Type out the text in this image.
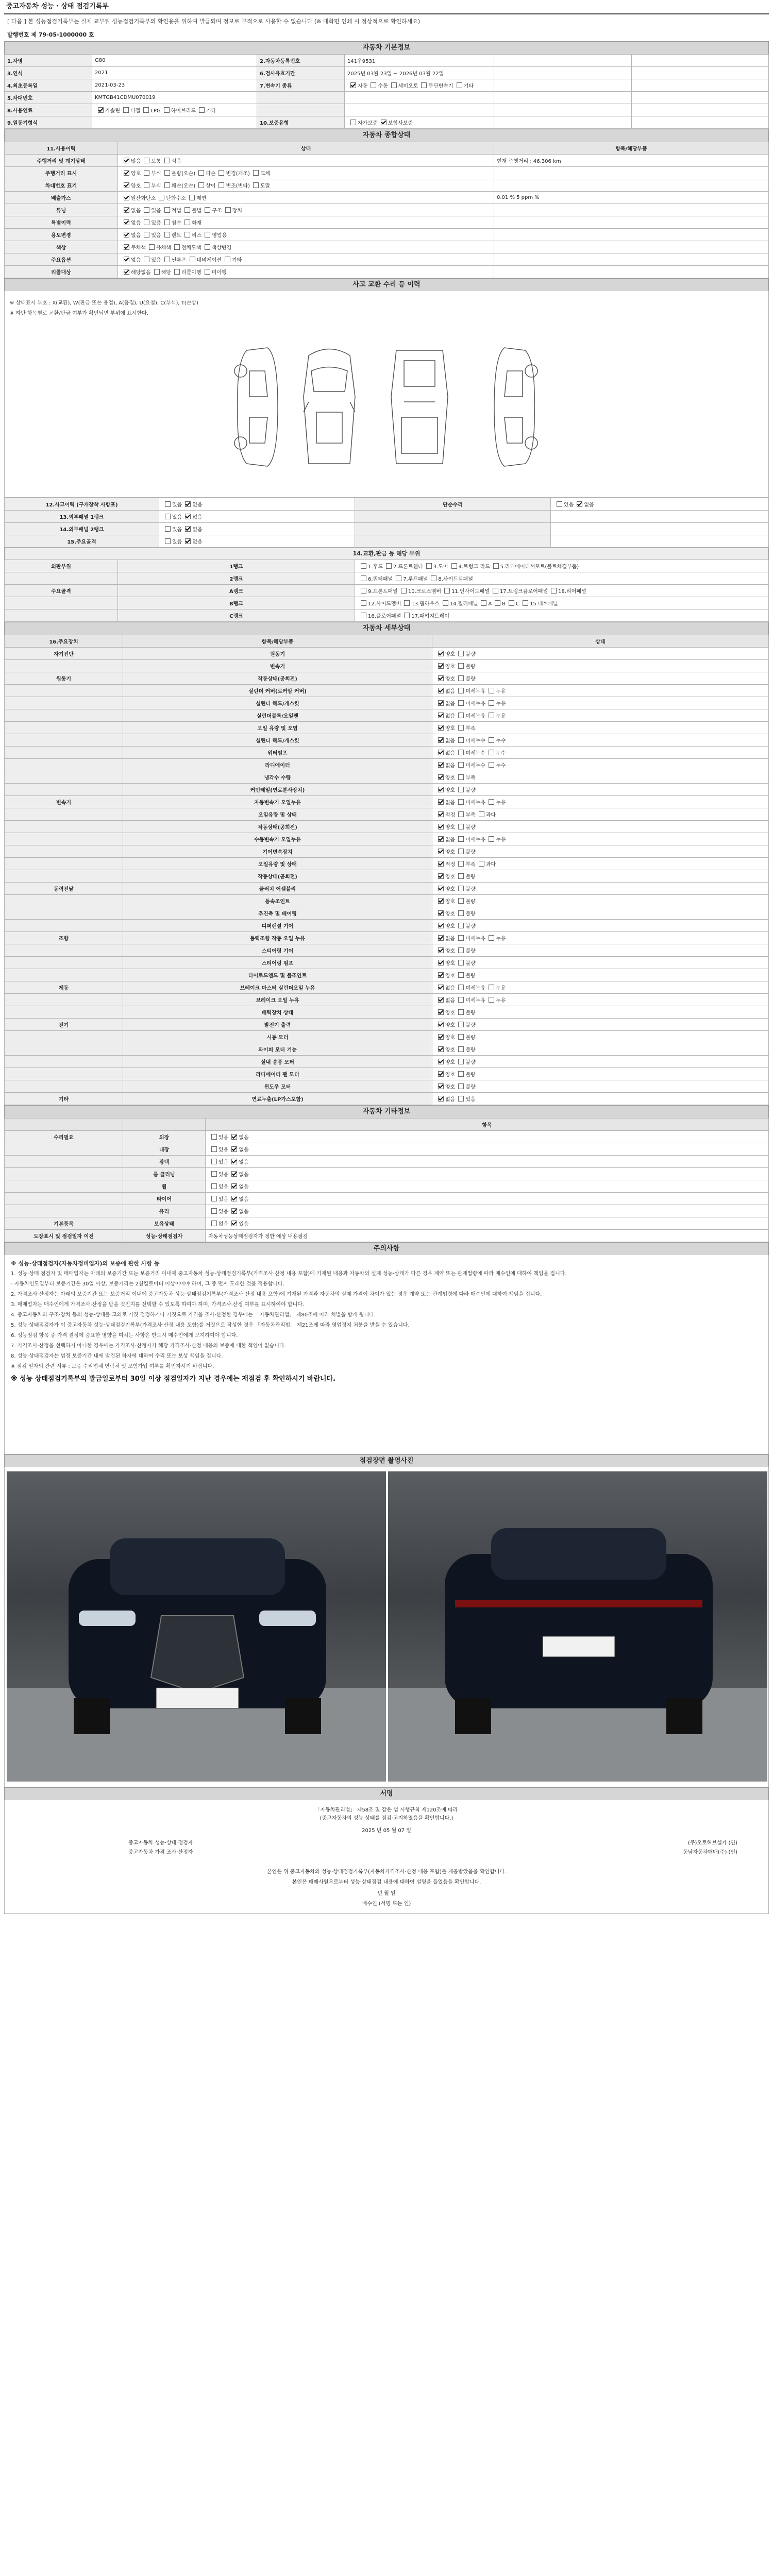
중고자동차 성능 · 상태 점검기록부
[ 다음 ] 본 성능점검기록부는 실제 교부된 성능점검기록부의 확인용을 위하여 발급되며 정보로 부적으로 사용할 수 없습니다 (※ 대화면 인쇄 시 정상적으로 확인하세요)
발행번호 제 79-05-1000000 호
자동차 기본정보
1.차명	G80	2.자동차등록번호	141우9531		
3.연식	2021	6.검사유효기간	2025년 03월 23일 ~ 2026년 03월 22일		
4.최초등록일	2021-03-23	7.변속기 종류	자동 수동 세미오토 무단변속기 기타		
5.차대번호	KMTGB41CDMU070019				
8.사용연료	가솔린 디젤 LPG 하이브리드 기타				
9.원동기형식		10.보증유형	자가보증 보험사보증		
자동차 종합상태
11.사용이력	상태	항목/해당부품
주행거리 및 계기상태	많음 보통 적음	현재 주행거리 : 46,306 km
주행거리 표시	양호 부식 불량(오손) 파손 변경(개조) 교체	
차대번호 표기	양호 부식 훼손(오손) 상이 변조(변타) 도말	
배출가스	일산화탄소 탄화수소 매연	0.01 % 5 ppm %
튜닝	없음 있음 적법 불법 구조 장치	
특별이력	없음 있음 침수 화재	
용도변경	없음 있음 렌트 리스 영업용	
색상	무채색 유채색 전체도색 색상변경	
주요옵션	없음 있음 썬루프 네비게이션 기타	
리콜대상	해당없음 해당 리콜이행 미이행	
사고 교환 수리 등 이력
※ 상태표시 부호 : X(교환), W(판금 또는 용접), A(흠집), U(요철), C(부식), T(손상)
※ 하단 항목별로 교환/판금 여부가 확인되면 부위에 표시한다.
12.사고이력 (구개장착 사항포)	있음 없음	단순수리	있음 없음
13.외부패널 1랭크	있음 없음		
14.외부패널 2랭크	있음 없음		
15.주요골격	있음 없음		
14.교환,판금 등 해당 부위
외판부위	1랭크	1.후드 2.프론트휀더 3.도어 4.트렁크 리드 5.라디에이터서포트(볼트체결부품)
	2랭크	6.쿼터패널 7.루프패널 8.사이드실패널
주요골격	A랭크	9.프론트패널 10.크로스멤버 11.인사이드패널 17.트렁크플로어패널 18.리어패널
	B랭크	12.사이드멤버 13.휠하우스 14.필러패널 A B C 15.대쉬패널
	C랭크	16.플로어패널 17.패키지트레이
자동차 세부상태
16.주요장치	항목/해당부품	상태
자기진단	원동기	양호 불량
	변속기	양호 불량
원동기	작동상태(공회전)	양호 불량
	실린더 커버(로커암 커버)	없음 미세누유 누유
	실린더 헤드/개스킷	없음 미세누유 누유
	실린더블록/오일팬	없음 미세누유 누유
	오일 유량 및 오염	양호 부족
	실린더 헤드/개스킷	없음 미세누수 누수
	워터펌프	없음 미세누수 누수
	라디에이터	없음 미세누수 누수
	냉각수 수량	양호 부족
	커먼레일(연료분사장치)	양호 불량
변속기	자동변속기 오일누유	없음 미세누유 누유
	오일유량 및 상태	적정 부족 과다
	작동상태(공회전)	양호 불량
	수동변속기 오일누유	없음 미세누유 누유
	기어변속장치	양호 불량
	오일유량 및 상태	적정 부족 과다
	작동상태(공회전)	양호 불량
동력전달	클러치 어셈블리	양호 불량
	등속조인트	양호 불량
	추진축 및 베어링	양호 불량
	디퍼렌셜 기어	양호 불량
조향	동력조향 작동 오일 누유	없음 미세누유 누유
	스티어링 기어	양호 불량
	스티어링 펌프	양호 불량
	타이로드엔드 및 볼조인트	양호 불량
제동	브레이크 마스터 실린더오일 누유	없음 미세누유 누유
	브레이크 오일 누유	없음 미세누유 누유
	배력장치 상태	양호 불량
전기	발전기 출력	양호 불량
	시동 모터	양호 불량
	와이퍼 모터 기능	양호 불량
	실내 송풍 모터	양호 불량
	라디에이터 팬 모터	양호 불량
	윈도우 모터	양호 불량
기타	연료누출(LP가스포함)	없음 있음
자동차 기타정보
		항목
수리필요	외장	있음 없음
	내장	있음 없음
	광택	있음 없음
	룸 클리닝	있음 없음
	휠	있음 없음
	타이어	있음 없음
	유리	있음 없음
기본품목	보유상태	없음 있음
도장표시 및 점검일자 이전	성능·상태점검자	자동차성능상태점검자가 정한 예상 내용점검
주의사항

※ 성능·상태점검자(자동차정비업자)의 보증에 관한 사항 등

1. 성능·상태 점검자 및 매매업자는 아래의 보증기간 또는 보증거리 이내에 중고자동차 성능·상태점검기록부(가격조사·산정 내용 포함)에 기재된 내용과 자동차의 실제 성능·상태가 다른 경우 계약 또는 관계법령에 따라 매수인에 대하여 책임을 집니다.

- 자동차인도일부터 보증기간은 30일 이상, 보증거리는 2천킬로미터 이상이어야 하며, 그 중 먼저 도래한 것을 적용합니다.

2. 가격조사·산정자는 아래의 보증기간 또는 보증거리 이내에 중고자동차 성능·상태점검기록부(가격조사·산정 내용 포함)에 기재된 가격과 자동차의 실제 가격이 차이가 있는 경우 계약 또는 관계법령에 따라 매수인에 대하여 책임을 집니다.

3. 매매업자는 매수인에게 가격조사·산정을 받을 것인지를 선택할 수 있도록 하여야 하며, 가격조사·산정 여부를 표시하여야 합니다.

4. 중고자동차의 구조·장치 등의 성능·상태를 고의로 거짓 점검하거나 거짓으로 가격을 조사·산정한 경우에는 「자동차관리법」 제80조에 따라 처벌을 받게 됩니다.

5. 성능·상태점검자가 이 중고자동차 성능·상태점검기록부(가격조사·산정 내용 포함)를 거짓으로 작성한 경우 「자동차관리법」 제21조에 따라 영업정지 처분을 받을 수 있습니다.

6. 성능점검 항목 중 가격 결정에 중요한 영향을 미치는 사항은 반드시 매수인에게 고지하여야 합니다.

7. 가격조사·산정을 선택하지 아니한 경우에는 가격조사·산정자가 해당 가격조사·산정 내용의 보증에 대한 책임이 없습니다.

8. 성능·상태점검자는 법정 보증기간 내에 발견된 하자에 대하여 수리 또는 보상 책임을 집니다.

※ 점검 일자의 관련 서류 : 보증 수리업체 연락처 및 보험가입 여부를 확인하시기 바랍니다.

※ 성능 상태점검기록부의 발급일로부터 30일 이상 점검일자가 지난 경우에는 재점검 후 확인하시기 바랍니다.

점검장면 촬영사진
서명
「자동차관리법」 제58조 및 같은 법 시행규칙 제120조에 따라
(중고자동차의 성능·상태를 점검·고지하였음을 확인합니다.)
2025 년 05 월 07 일
중고자동차 성능·상태 점검자	(주)오토허브셀카 (인)
중고자동차 가격 조사·산정자	동남자동차매매(주) (인)
본인은 위 중고자동차의 성능·상태점검기록부(자동차가격조사·산정 내용 포함)를 제공받았음을 확인합니다.
본인은 매매사원으로부터 성능·상태점검 내용에 대하여 설명을 들었음을 확인합니다.
년 월 일
매수인 (서명 또는 인)
